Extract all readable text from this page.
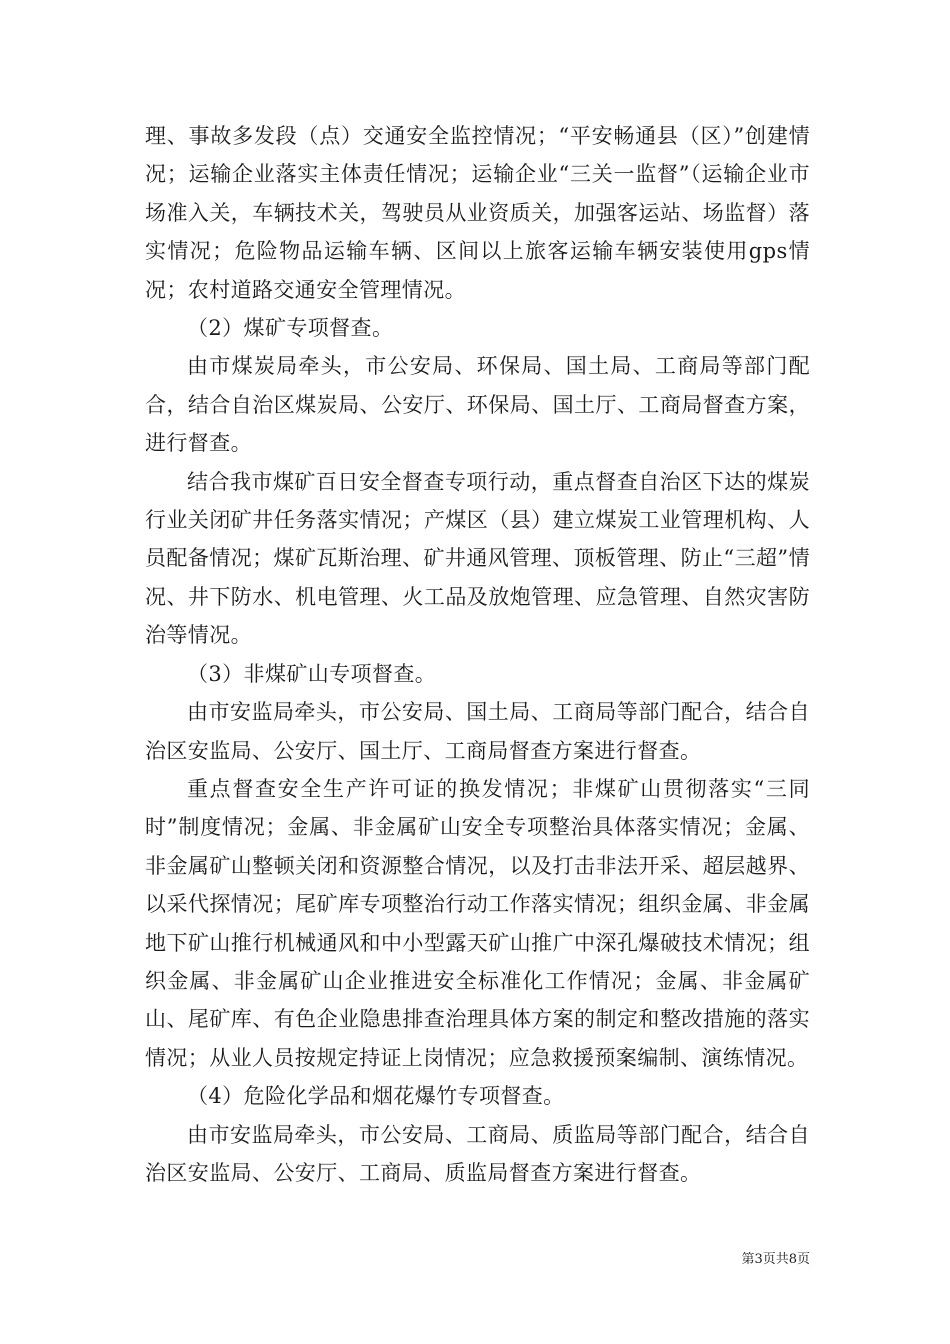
理、事故多发段（点）交通安全监控情况；“平安畅通县（区）”创建情况；运输企业落实主体责任情况；运输企业“三关一监督”（运输企业市场准入关，车辆技术关，驾驶员从业资质关，加强客运站、场监督）落实情况；危险物品运输车辆、区间以上旅客运输车辆安装使用gps情况；农村道路交通安全管理情况。

（2）煤矿专项督查。

由市煤炭局牵头，市公安局、环保局、国土局、工商局等部门配合，结合自治区煤炭局、公安厅、环保局、国土厅、工商局督查方案，进行督查。

结合我市煤矿百日安全督查专项行动，重点督查自治区下达的煤炭行业关闭矿井任务落实情况；产煤区（县）建立煤炭工业管理机构、人员配备情况；煤矿瓦斯治理、矿井通风管理、顶板管理、防止“三超”情况、井下防水、机电管理、火工品及放炮管理、应急管理、自然灾害防治等情况。

（3）非煤矿山专项督查。

由市安监局牵头，市公安局、国土局、工商局等部门配合，结合自治区安监局、公安厅、国土厅、工商局督查方案进行督查。

重点督查安全生产许可证的换发情况；非煤矿山贯彻落实“三同时”制度情况；金属、非金属矿山安全专项整治具体落实情况；金属、非金属矿山整顿关闭和资源整合情况，以及打击非法开采、超层越界、以采代探情况；尾矿库专项整治行动工作落实情况；组织金属、非金属地下矿山推行机械通风和中小型露天矿山推广中深孔爆破技术情况；组织金属、非金属矿山企业推进安全标准化工作情况；金属、非金属矿山、尾矿库、有色企业隐患排查治理具体方案的制定和整改措施的落实情况；从业人员按规定持证上岗情况；应急救援预案编制、演练情况。

（4）危险化学品和烟花爆竹专项督查。

由市安监局牵头，市公安局、工商局、质监局等部门配合，结合自治区安监局、公安厅、工商局、质监局督查方案进行督查。

第3页共8页
